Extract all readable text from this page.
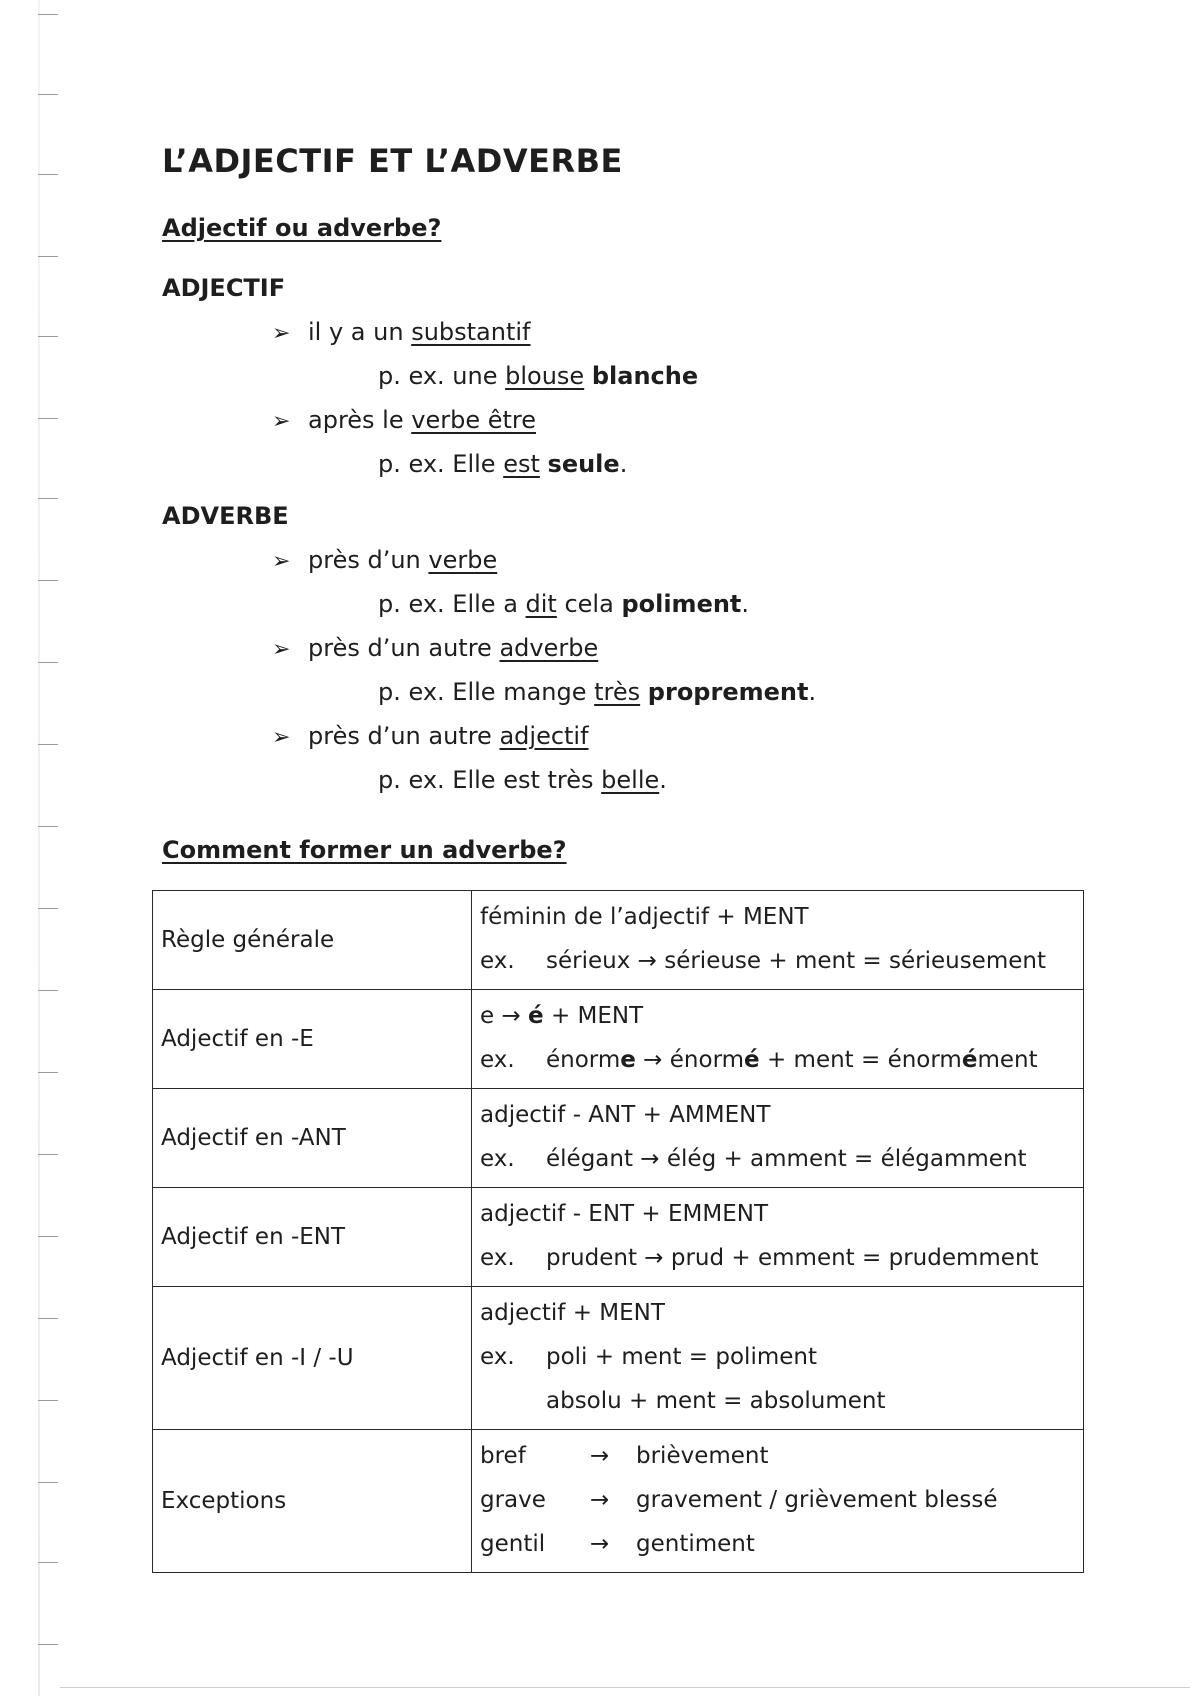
L’ADJECTIF ET L’ADVERBE
Adjectif ou adverbe?
ADJECTIF
➢ il y a un substantif
p. ex. une blouse blanche
➢ après le verbe être
p. ex. Elle est seule.
ADVERBE
➢ près d’un verbe
p. ex. Elle a dit cela poliment.
➢ près d’un autre adverbe
p. ex. Elle mange très proprement.
➢ près d’un autre adjectif
p. ex. Elle est très belle.
Comment former un adverbe?
Règle générale	féminin de l’adjectif + MENT
ex. sérieux → sérieuse + ment = sérieusement

Adjectif en -E	e → é + MENT
ex. énorme → énormé + ment = énormément

Adjectif en -ANT	adjectif - ANT + AMMENT
ex. élégant → élég + amment = élégamment

Adjectif en -ENT	adjectif - ENT + EMMENT
ex. prudent → prud + emment = prudemment

Adjectif en -I / -U	adjectif + MENT
ex. poli + ment = poliment
absolu + ment = absolument

Exceptions	bref → brièvement
grave → gravement / grièvement blessé
gentil → gentiment
